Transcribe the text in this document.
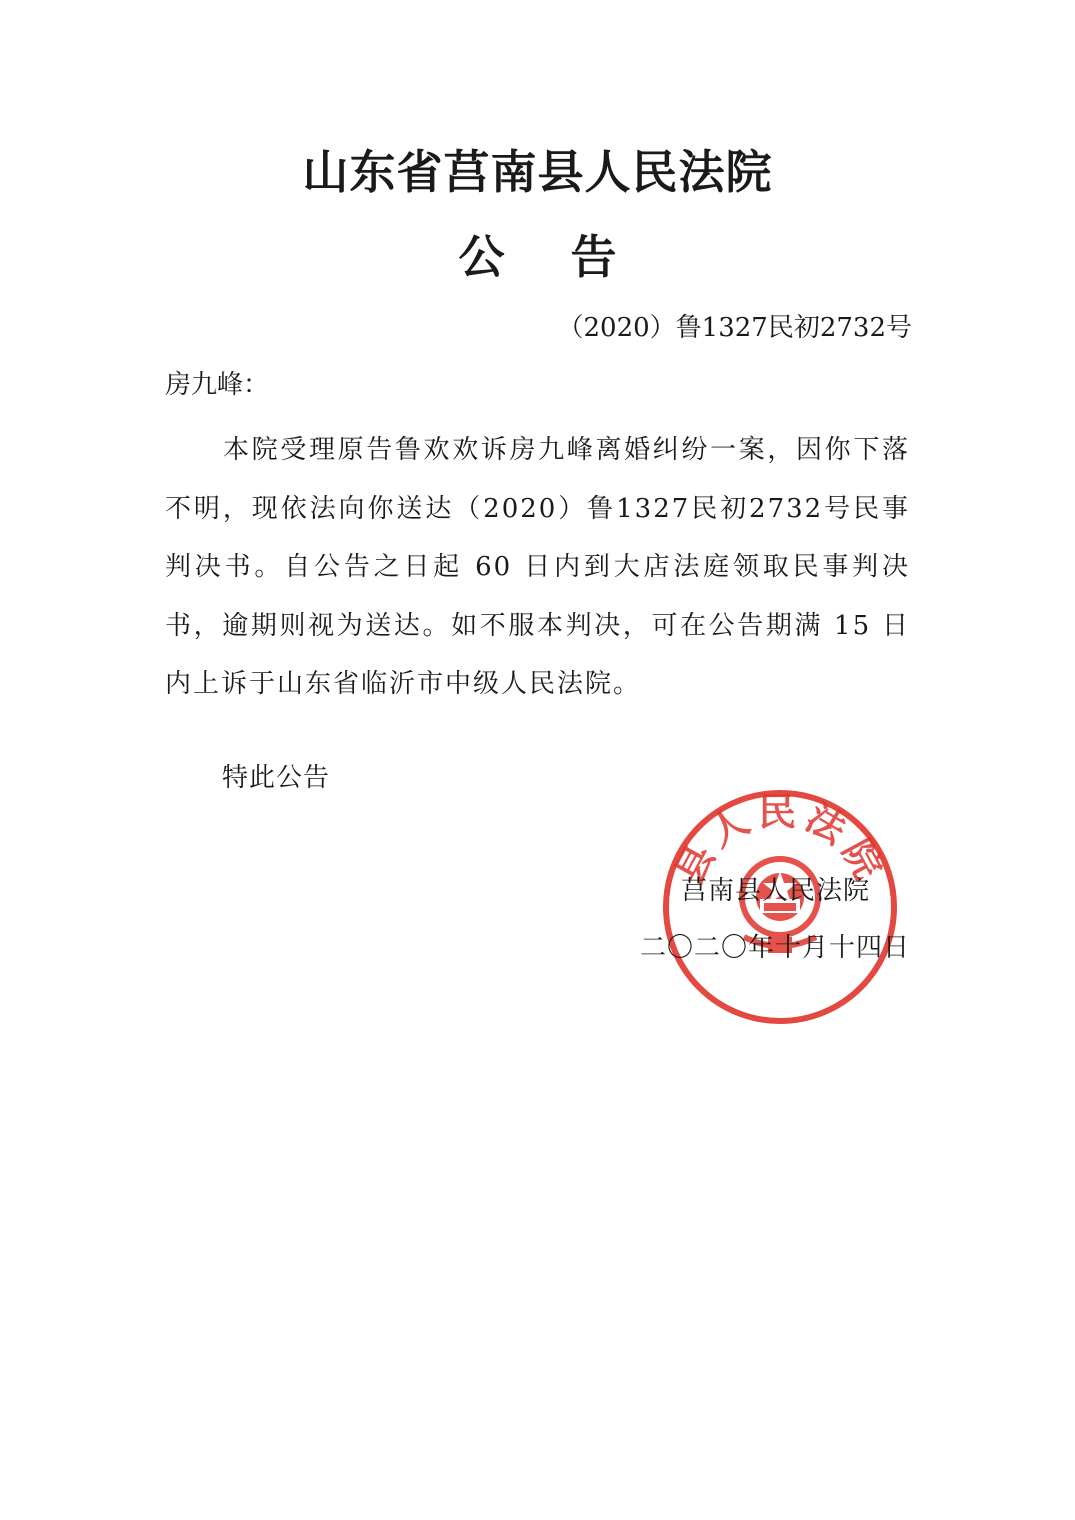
山东省莒南县人民法院
公 告
（2020）鲁1327民初2732号
房九峰：
本院受理原告鲁欢欢诉房九峰离婚纠纷一案，因你下落不明，现依法向你送达（2020）鲁1327民初2732号民事判决书。自公告之日起 60 日内到大店法庭领取民事判决书，逾期则视为送达。如不服本判决，可在公告期满 15 日内上诉于山东省临沂市中级人民法院。
特此公告
县人民法院
莒南县人民法院
二〇二〇年十月十四日
